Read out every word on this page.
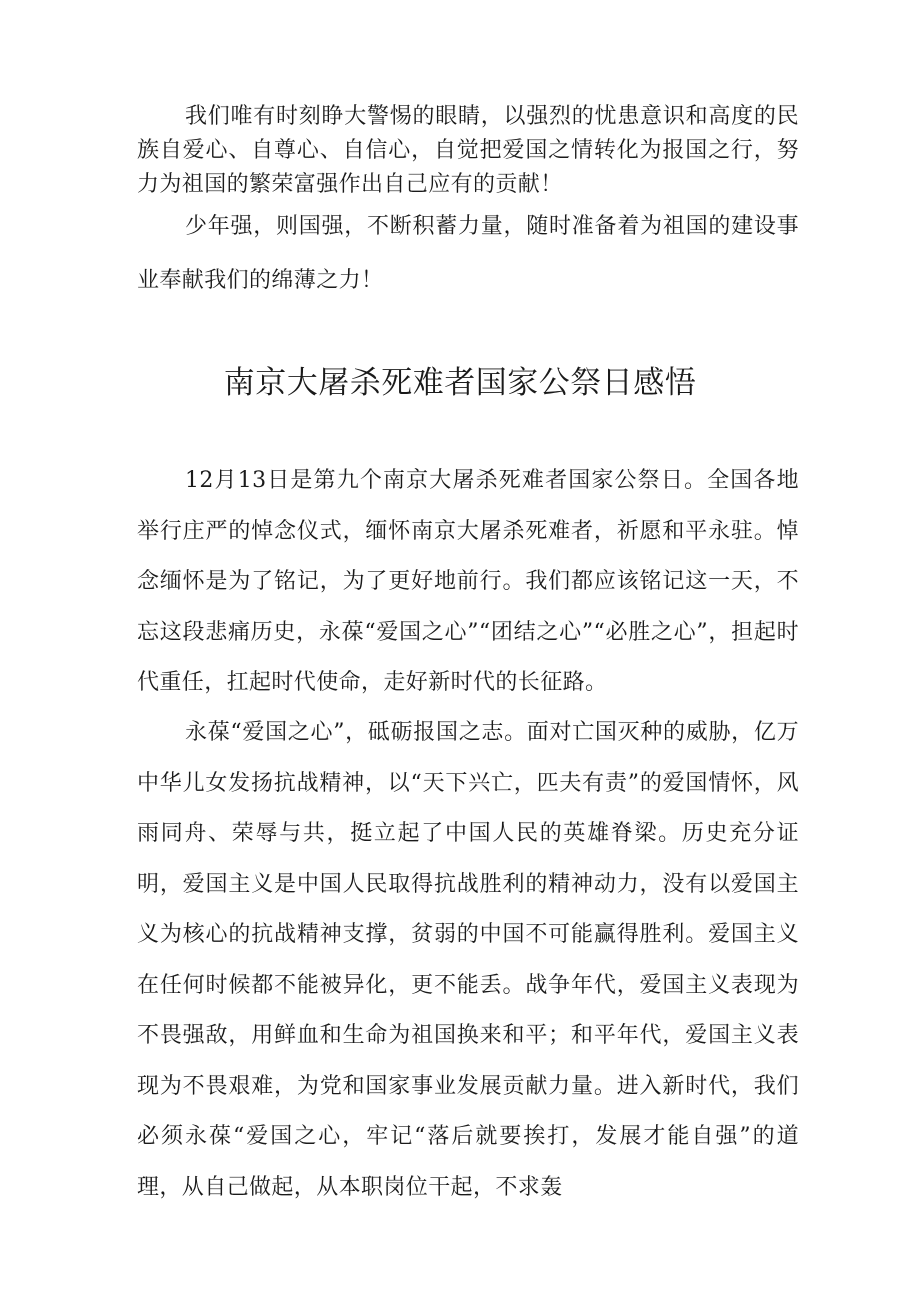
我们唯有时刻睁大警惕的眼睛，以强烈的忧患意识和高度的民族自爱心、自尊心、自信心，自觉把爱国之情转化为报国之行，努力为祖国的繁荣富强作出自己应有的贡献！

少年强，则国强，不断积蓄力量，随时准备着为祖国的建设事业奉献我们的绵薄之力！

南京大屠杀死难者国家公祭日感悟

12月13日是第九个南京大屠杀死难者国家公祭日。全国各地举行庄严的悼念仪式，缅怀南京大屠杀死难者，祈愿和平永驻。悼念缅怀是为了铭记，为了更好地前行。我们都应该铭记这一天，不忘这段悲痛历史，永葆“爱国之心”“团结之心”“必胜之心”，担起时代重任，扛起时代使命，走好新时代的长征路。

永葆“爱国之心”，砥砺报国之志。面对亡国灭种的威胁，亿万中华儿女发扬抗战精神，以“天下兴亡，匹夫有责”的爱国情怀，风雨同舟、荣辱与共，挺立起了中国人民的英雄脊梁。历史充分证明，爱国主义是中国人民取得抗战胜利的精神动力，没有以爱国主义为核心的抗战精神支撑，贫弱的中国不可能赢得胜利。爱国主义在任何时候都不能被异化，更不能丢。战争年代，爱国主义表现为不畏强敌，用鲜血和生命为祖国换来和平；和平年代，爱国主义表现为不畏艰难，为党和国家事业发展贡献力量。进入新时代，我们必须永葆“爱国之心，牢记“落后就要挨打，发展才能自强”的道理，从自己做起，从本职岗位干起，不求轰
